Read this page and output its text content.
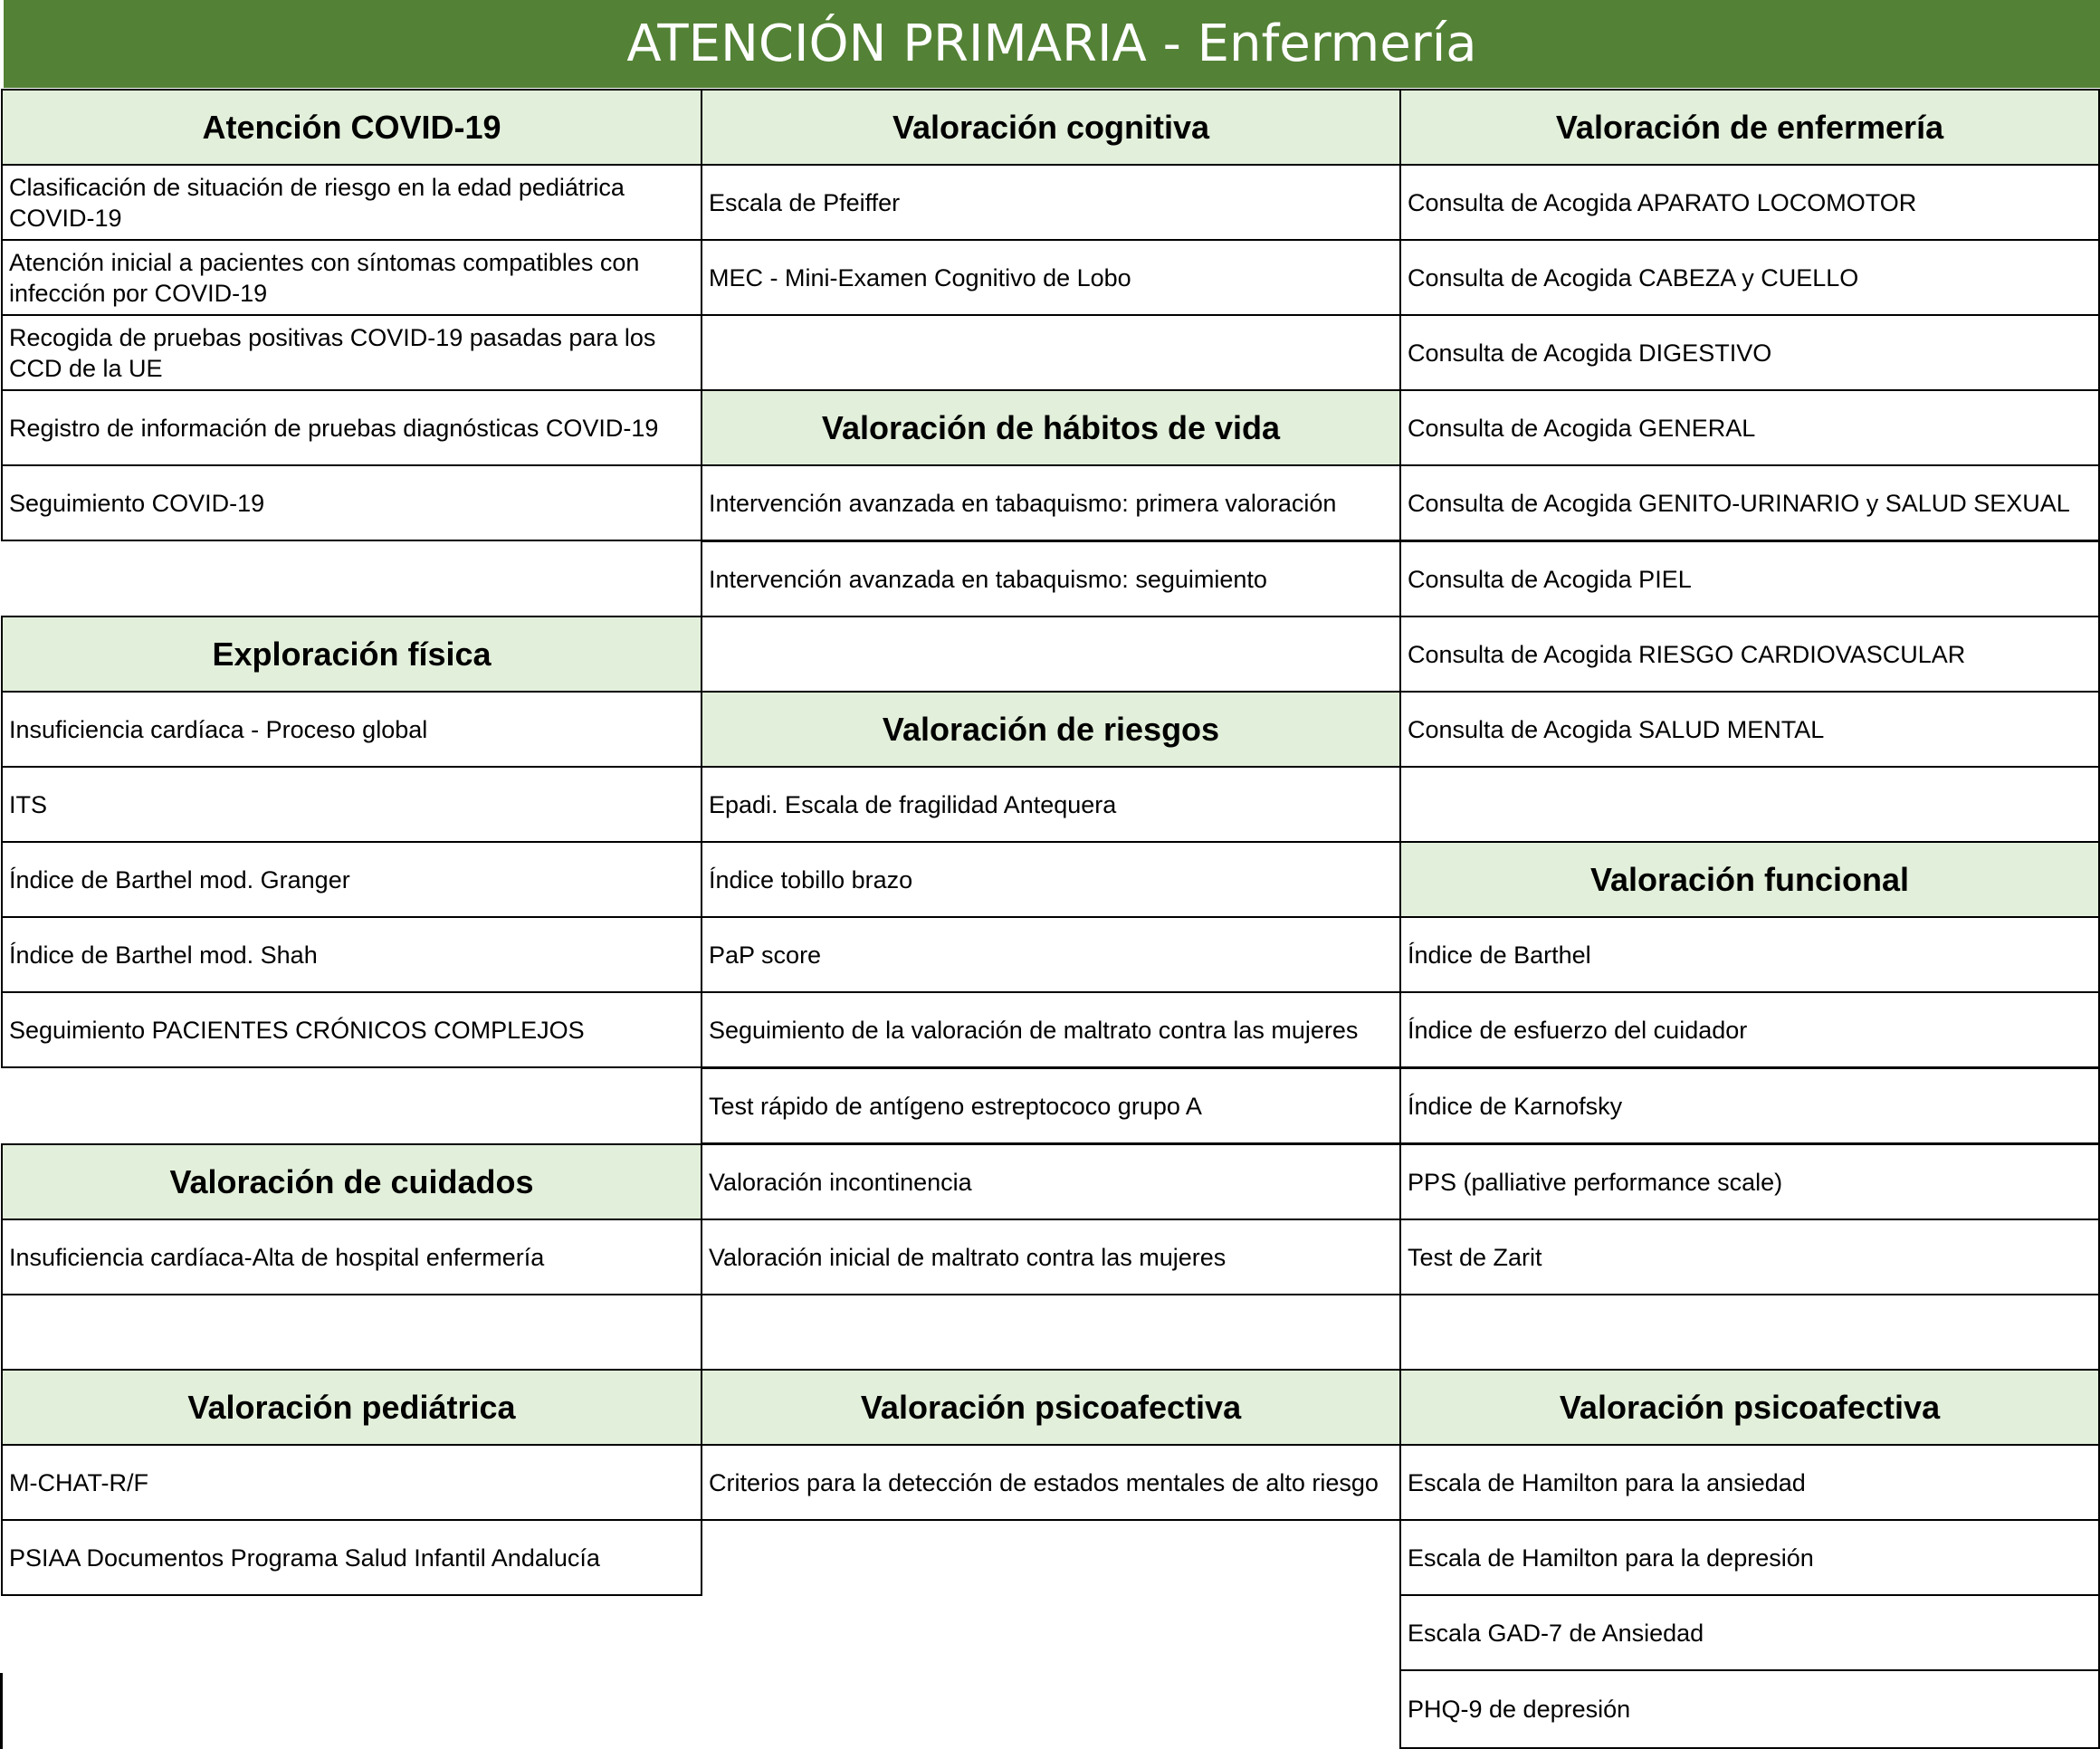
ATENCIÓN PRIMARIA - Enfermería
Atención COVID-19
Clasificación de situación de riesgo en la edad pediátrica COVID-19
Atención inicial a pacientes con síntomas compatibles con infección por COVID-19
Recogida de pruebas positivas COVID-19 pasadas para los CCD de la UE
Registro de información de pruebas diagnósticas COVID-19
Seguimiento COVID-19
Exploración física
Insuficiencia cardíaca - Proceso global
ITS
Índice de Barthel mod. Granger
Índice de Barthel mod. Shah
Seguimiento PACIENTES CRÓNICOS COMPLEJOS
Valoración de cuidados
Insuficiencia cardíaca-Alta de hospital enfermería
Valoración pediátrica
M-CHAT-R/F
PSIAA Documentos Programa Salud Infantil Andalucía
Valoración cognitiva
Escala de Pfeiffer
MEC - Mini-Examen Cognitivo de Lobo
Valoración de hábitos de vida
Intervención avanzada en tabaquismo: primera valoración
Intervención avanzada en tabaquismo: seguimiento
Valoración de riesgos
Epadi. Escala de fragilidad Antequera
Índice tobillo brazo
PaP score
Seguimiento de la valoración de maltrato contra las mujeres
Test rápido de antígeno estreptococo grupo A
Valoración incontinencia
Valoración inicial de maltrato contra las mujeres
Valoración psicoafectiva
Criterios para la detección de estados mentales de alto riesgo
Valoración de enfermería
Consulta de Acogida APARATO LOCOMOTOR
Consulta de Acogida CABEZA y CUELLO
Consulta de Acogida DIGESTIVO
Consulta de Acogida GENERAL
Consulta de Acogida GENITO-URINARIO y SALUD SEXUAL
Consulta de Acogida PIEL
Consulta de Acogida RIESGO CARDIOVASCULAR
Consulta de Acogida SALUD MENTAL
Valoración funcional
Índice de Barthel
Índice de esfuerzo del cuidador
Índice de Karnofsky
PPS (palliative performance scale)
Test de Zarit
Valoración psicoafectiva
Escala de Hamilton para la ansiedad
Escala de Hamilton para la depresión
Escala GAD-7 de Ansiedad
PHQ-9 de depresión
